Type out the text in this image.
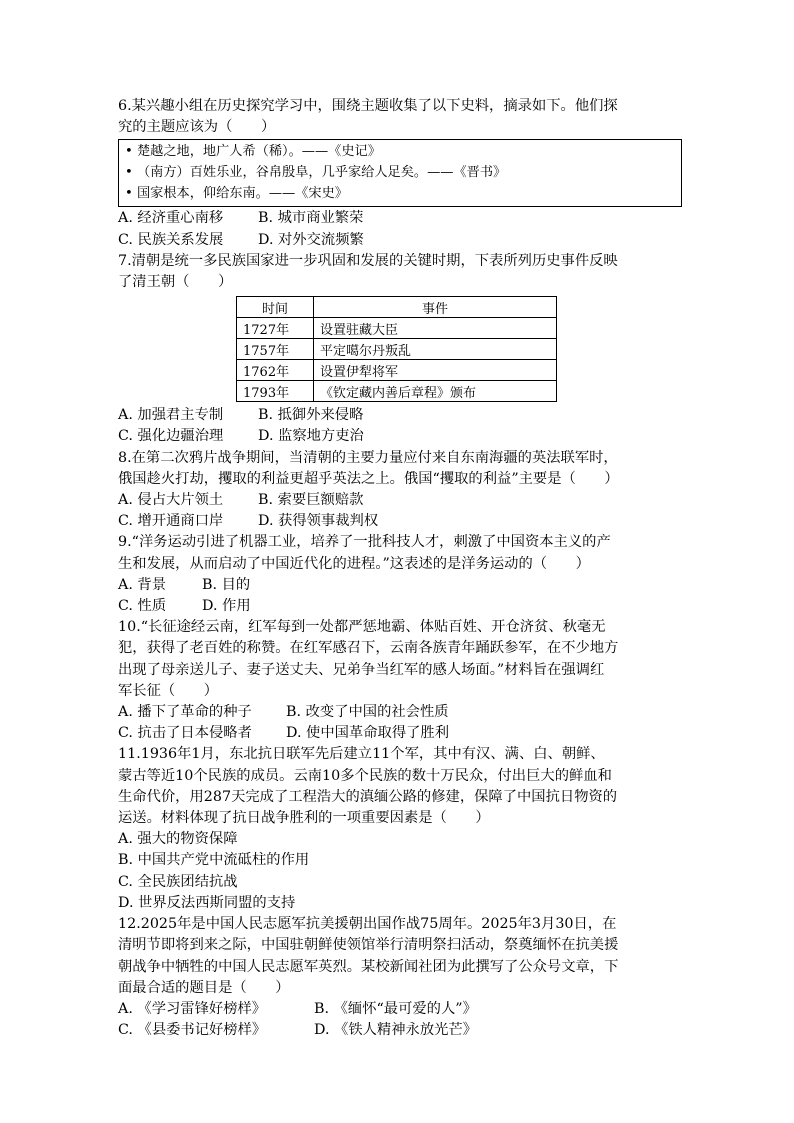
6.某兴趣小组在历史探究学习中，围绕主题收集了以下史料，摘录如下。他们探
究的主题应该为（　　）
• 楚越之地，地广人希（稀）。——《史记》
• （南方）百姓乐业，谷帛殷阜，几乎家给人足矣。——《晋书》
• 国家根本，仰给东南。——《宋史》
A. 经济重心南移 B. 城市商业繁荣
C. 民族关系发展 D. 对外交流频繁
7.清朝是统一多民族国家进一步巩固和发展的关键时期，下表所列历史事件反映
了清王朝（　　）
时间	事件
1727年	设置驻藏大臣
1757年	平定噶尔丹叛乱
1762年	设置伊犁将军
1793年	《钦定藏内善后章程》颁布
A. 加强君主专制 B. 抵御外来侵略
C. 强化边疆治理 D. 监察地方吏治
8.在第二次鸦片战争期间，当清朝的主要力量应付来自东南海疆的英法联军时，
俄国趁火打劫，攫取的利益更超乎英法之上。俄国“攫取的利益”主要是（　　）
A. 侵占大片领土 B. 索要巨额赔款
C. 增开通商口岸 D. 获得领事裁判权
9.“洋务运动引进了机器工业，培养了一批科技人才，刺激了中国资本主义的产
生和发展，从而启动了中国近代化的进程。”这表述的是洋务运动的（　　）
A. 背景	B. 目的
C. 性质	D. 作用
10.“长征途经云南，红军每到一处都严惩地霸、体贴百姓、开仓济贫、秋毫无
犯，获得了老百姓的称赞。在红军感召下，云南各族青年踊跃参军，在不少地方
出现了母亲送儿子、妻子送丈夫、兄弟争当红军的感人场面。”材料旨在强调红
军长征（　　）
A. 播下了革命的种子 B. 改变了中国的社会性质
C. 抗击了日本侵略者 D. 使中国革命取得了胜利
11.1936年1月，东北抗日联军先后建立11个军，其中有汉、满、白、朝鲜、
蒙古等近10个民族的成员。云南10多个民族的数十万民众，付出巨大的鲜血和
生命代价，用287天完成了工程浩大的滇缅公路的修建，保障了中国抗日物资的
运送。材料体现了抗日战争胜利的一项重要因素是（　　）
A. 强大的物资保障
B. 中国共产党中流砥柱的作用
C. 全民族团结抗战
D. 世界反法西斯同盟的支持
12.2025年是中国人民志愿军抗美援朝出国作战75周年。2025年3月30日，在
清明节即将到来之际，中国驻朝鲜使领馆举行清明祭扫活动，祭奠缅怀在抗美援
朝战争中牺牲的中国人民志愿军英烈。某校新闻社团为此撰写了公众号文章，下
面最合适的题目是（　　）
A. 《学习雷锋好榜样》	B. 《缅怀“最可爱的人”》
C. 《县委书记好榜样》	D. 《铁人精神永放光芒》
